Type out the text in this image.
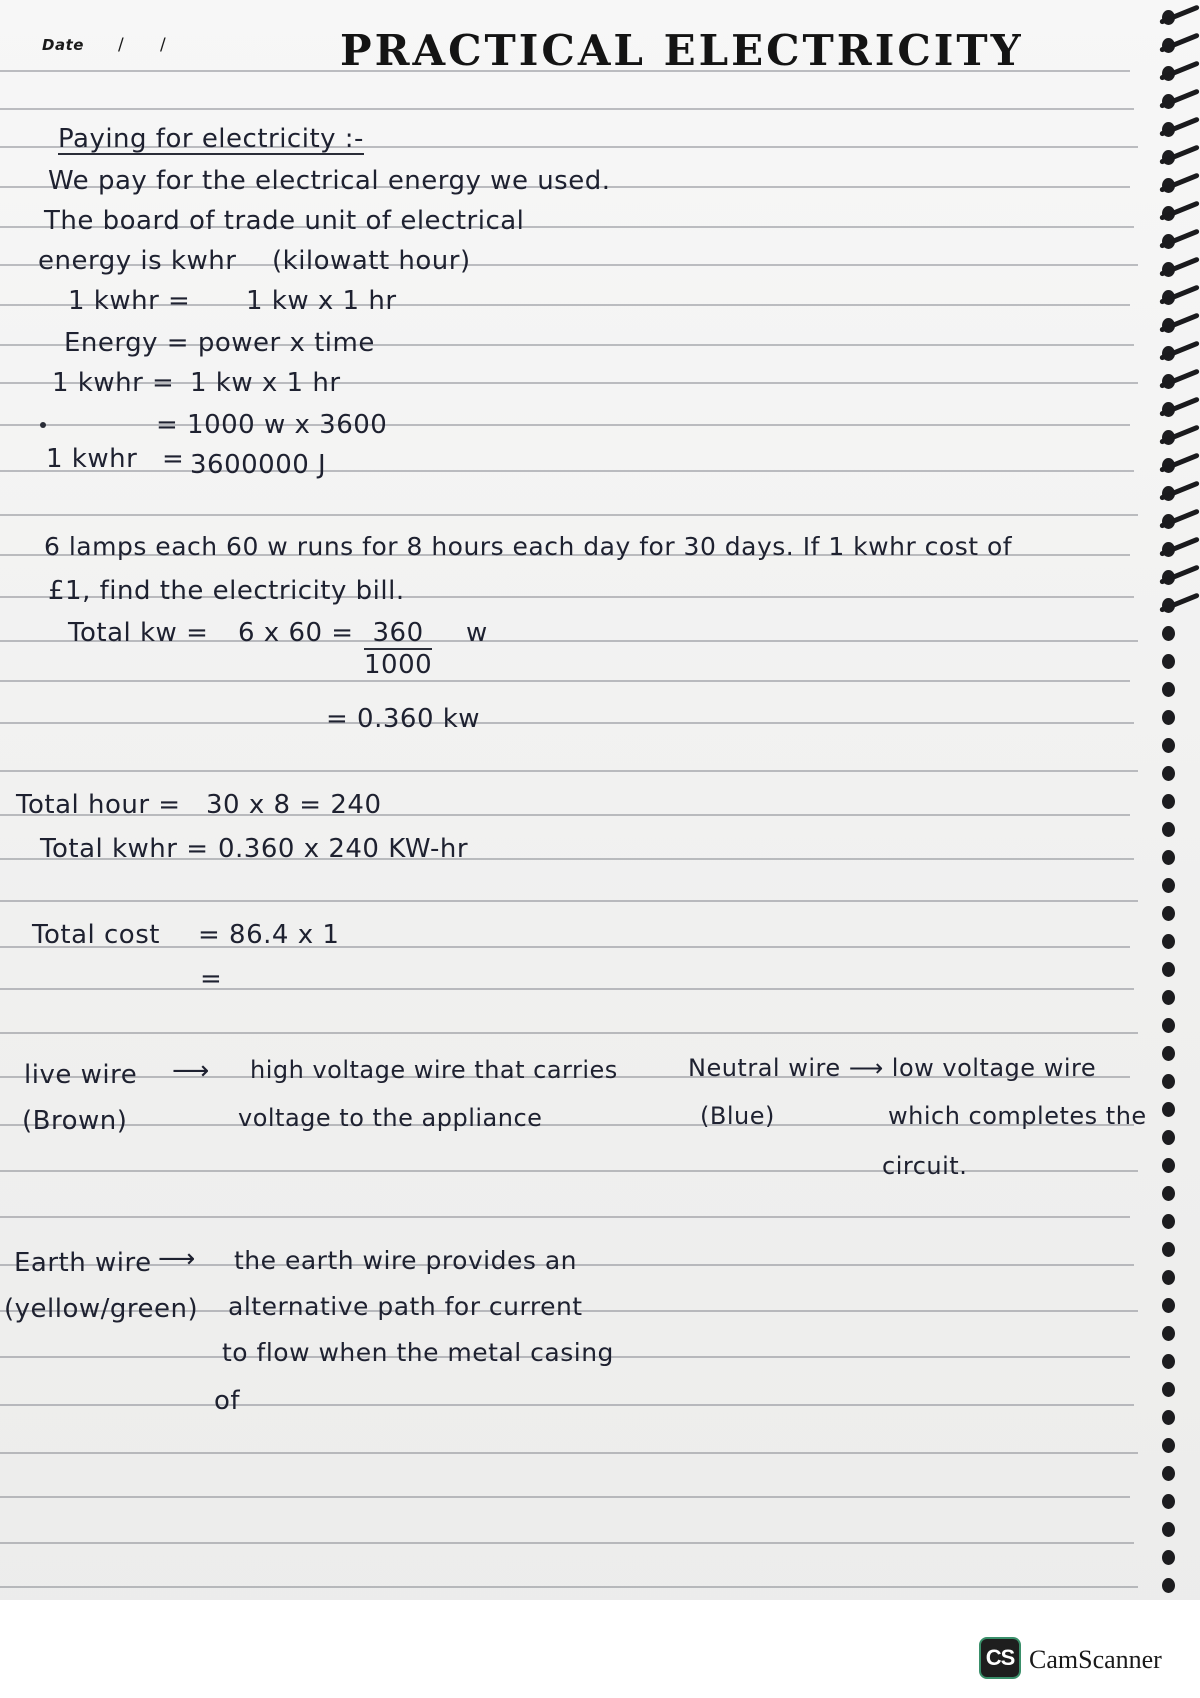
Date / /	PRACTICAL ELECTRICITY
Paying for electricity :-
We pay for the electrical energy we used.
The board of trade unit of electrical
energy is kwhr (kilowatt hour)
1 kwhr = 1 kw x 1 hr
Energy = power x time
1 kwhr = 1 kw x 1 hr
= 1000 w x 3600
1 kwhr = 3600000 J
6 lamps each 60 w runs for 8 hours each day for 30 days. If 1 kwhr cost of
£1, find the electricity bill.
Total kw = 6 x $60 = \frac{360}{1000}$ w
= 0.360 kw
Total hour = 30 x 8 = 240
Total kwhr = 0.360 x 240 KW-hr
Total cost = 86.4 x 1
=
live wire ⟶ high voltage wire that carries
(Brown)	voltage to the appliance
Neutral wire ⟶ low voltage wire
(Blue)	which completes the
circuit.
Earth wire ⟶ the earth wire provides an
(yellow/green) alternative path for current
to flow when the metal casing
of
CS CamScanner
